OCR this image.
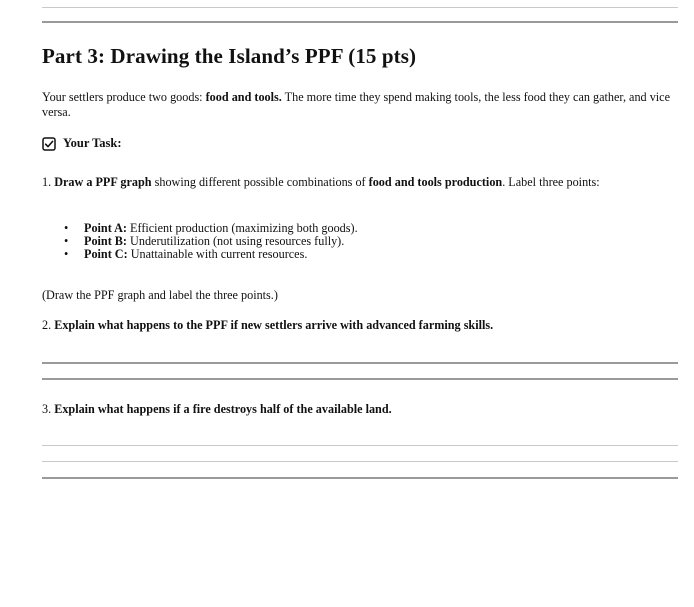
Part 3: Drawing the Island’s PPF (15 pts)

Your settlers produce two goods: food and tools. The more time they spend making tools, the less food they can gather, and vice versa.

Your Task:

1. Draw a PPF graph showing different possible combinations of food and tools production. Label three points:

• Point A: Efficient production (maximizing both goods).
• Point B: Underutilization (not using resources fully).
• Point C: Unattainable with current resources.

(Draw the PPF graph and label the three points.)

2. Explain what happens to the PPF if new settlers arrive with advanced farming skills.

3. Explain what happens if a fire destroys half of the available land.
